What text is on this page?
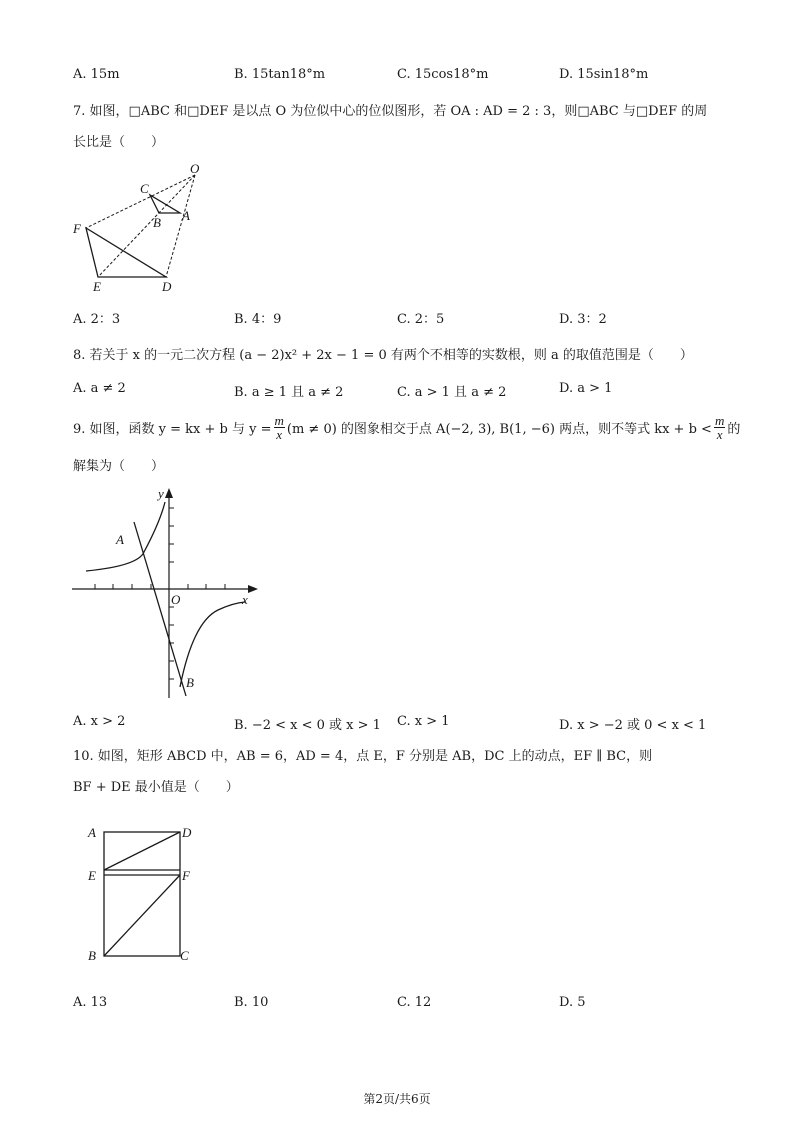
A. 15m	B. 15tan18°m	C. 15cos18°m	D. 15sin18°m
7. 如图，□ABC 和□DEF 是以点 O 为位似中心的位似图形，若 OA : AD = 2 : 3，则□ABC 与□DEF 的周
长比是（　　）
O
C
B A
F
E	D
A. 2：3	B. 4：9	C. 2：5	D. 3：2
8. 若关于 x 的一元二次方程 (a − 2)x² + 2x − 1 = 0 有两个不相等的实数根，则 a 的取值范围是（　　）
A. a ≠ 2	B. a ≥ 1 且 a ≠ 2	C. a > 1 且 a ≠ 2	D. a > 1
9. 如图，函数 y = kx + b 与 $y = \frac{m}{x} (m \ne 0)$ 的图象相交于点 A(−2, 3), B(1, −6) 两点，则不等式 kx + $b < \frac{m}{x}$ 的
解集为（　　）
y
A
O	x
B
A. x > 2	B. −2 < x < 0 或 x > 1 C. x > 1	D. x > −2 或 0 < x < 1
10. 如图，矩形 ABCD 中，AB = 6，AD = 4，点 E，F 分别是 AB，DC 上的动点，EF ∥ BC，则
BF + DE 最小值是（　　）
A	D
E	F
B	C
A. 13	B. 10	C. 12	D. 5
第2页/共6页
